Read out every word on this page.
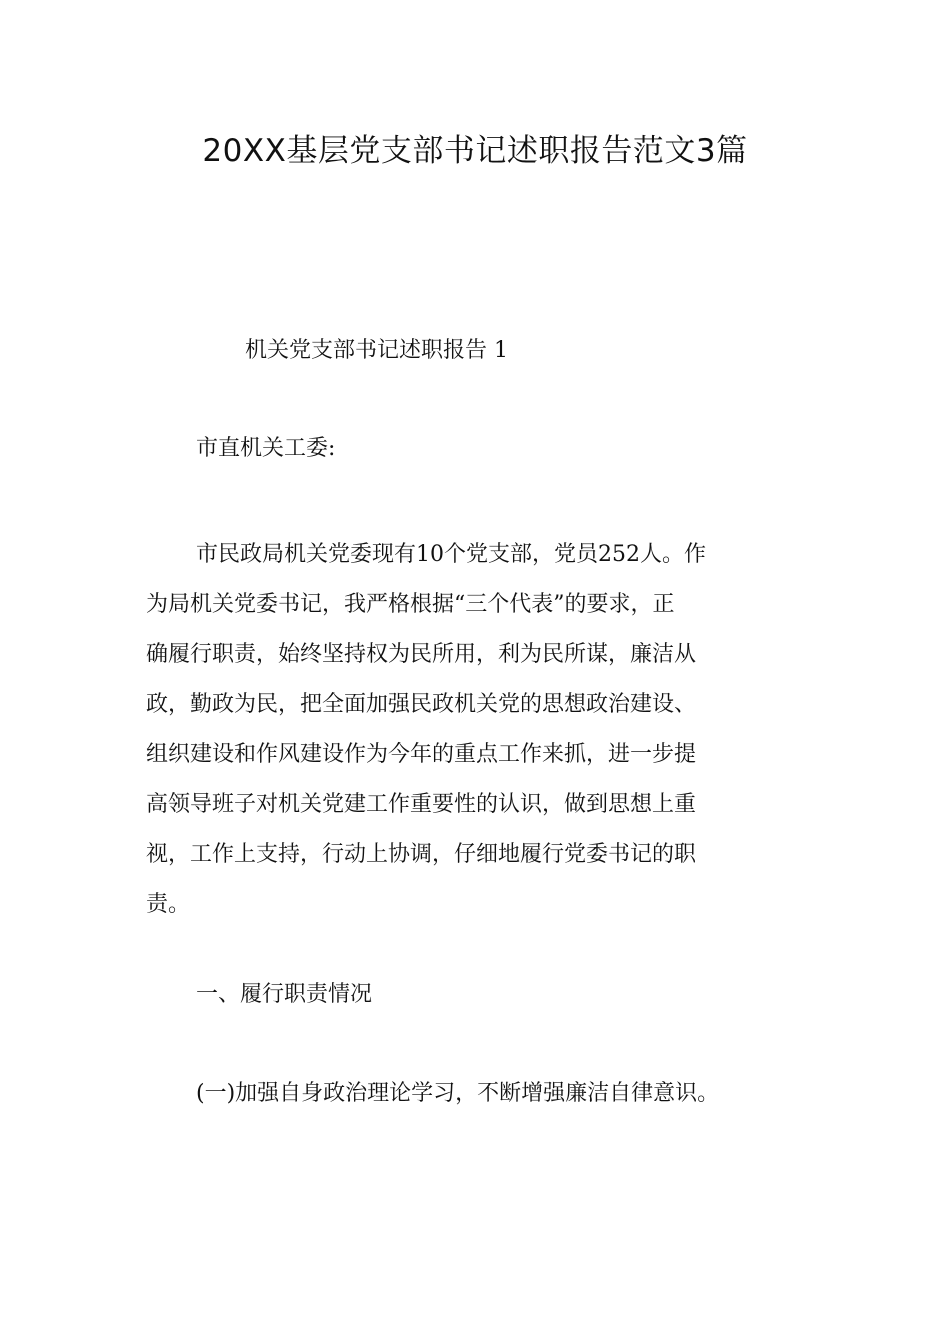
20XX基层党支部书记述职报告范文3篇
机关党支部书记述职报告 1

市直机关工委:

市民政局机关党委现有10个党支部，党员252人。作
为局机关党委书记，我严格根据“三个代表”的要求，正
确履行职责，始终坚持权为民所用，利为民所谋，廉洁从
政，勤政为民，把全面加强民政机关党的思想政治建设、
组织建设和作风建设作为今年的重点工作来抓，进一步提
高领导班子对机关党建工作重要性的认识，做到思想上重
视，工作上支持，行动上协调，仔细地履行党委书记的职
责。

一、履行职责情况
(一)加强自身政治理论学习，不断增强廉洁自律意识。
